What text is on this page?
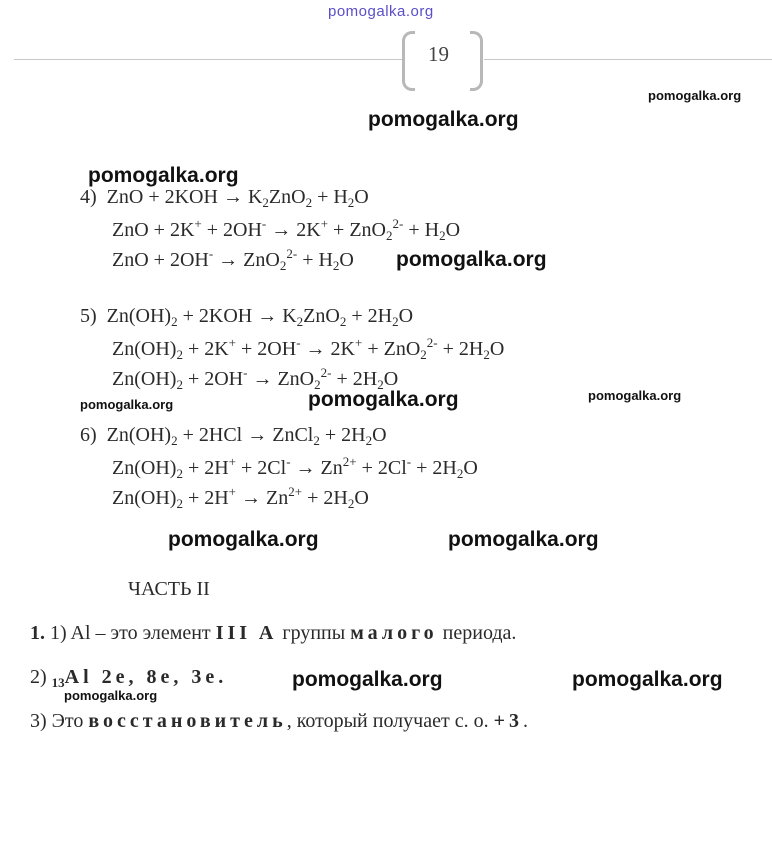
pomogalka.org
19
pomogalka.org
pomogalka.org
pomogalka.org
4)  ZnO + $2KOH \to K_2ZnO_2 + H_2O$
ZnO + $2K^+ + 2OH^- \to 2K^+ + ZnO_2^{2-} + H_2O$
ZnO + $2OH^- \to ZnO_2^{2-} + H_2O$ pomogalka.org
5)  $Zn(OH)_2 + 2KOH \to K_2ZnO_2 + 2H_2O$
$Zn(OH)_2 + 2K^+ + 2OH^- \to 2K^+ + ZnO_2^{2-} + 2H_2O$
$Zn(OH)_2 + 2OH^- \to ZnO_2^{2-} + 2H_2O$
pomogalka.org	pomogalka.org	pomogalka.org
6)  $Zn(OH)_2 + 2HCl$ → ZnCl$_2$ + $2H_2O$
$Zn(OH)_2 + 2H^+ + 2Cl^- \to Zn^{2+} + 2Cl^- + 2H_2O$
$Zn(OH)_2 + 2H^+ \to Zn^{2+} + 2H_2O$
pomogalka.org	pomogalka.org
ЧАСТЬ II
1. 1) Al – это элемент III A группы малого периода.
2) $_{13}$Al 2e, 8e, 3e.	pomogalka.org	pomogalka.org
pomogalka.org
3) Это восстановитель, который получает с. о. +3.
